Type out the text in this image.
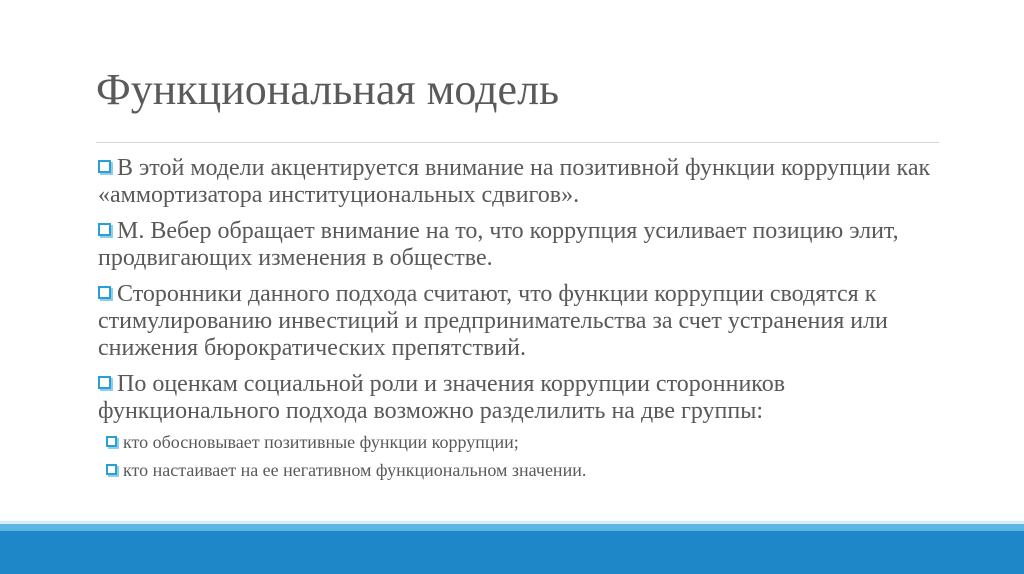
Функциональная модель
В этой модели акцентируется внимание на позитивной функции коррупции как «аммортизатора институциональных сдвигов».
М. Вебер обращает внимание на то, что коррупция усиливает позицию элит, продвигающих изменения в обществе.
Сторонники данного подхода считают, что функции коррупции сводятся к стимулированию инвестиций и предпринимательства за счет устранения или снижения бюрократических препятствий.
По оценкам социальной роли и значения коррупции сторонников функционального подхода возможно разделилить на две группы:
кто обосновывает позитивные функции коррупции;
кто настаивает на ее негативном функциональном значении.
